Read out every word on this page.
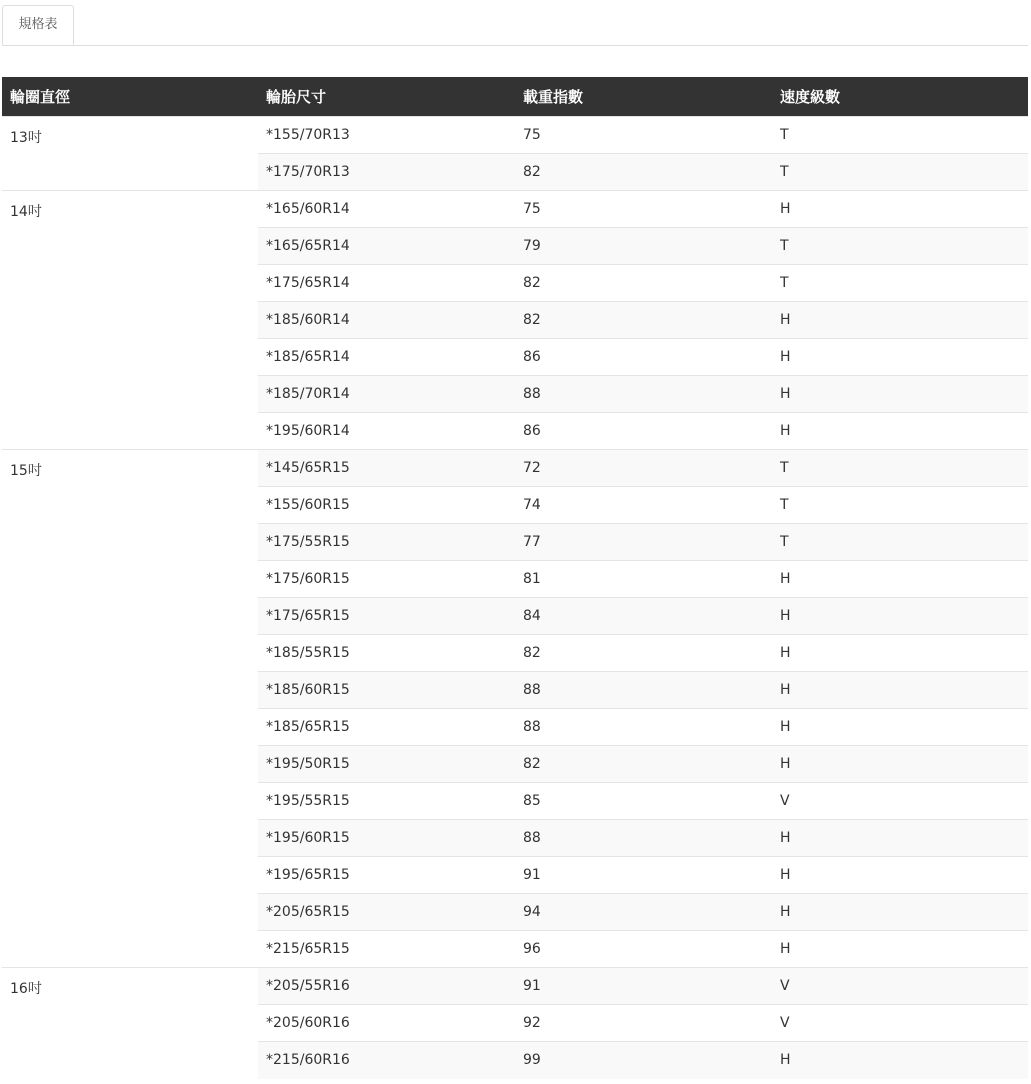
規格表
輪圈直徑	輪胎尺寸	載重指數	速度級數
13吋	*155/70R13	75	T
	*175/70R13	82	T
14吋	*165/60R14	75	H
	*165/65R14	79	T
	*175/65R14	82	T
	*185/60R14	82	H
	*185/65R14	86	H
	*185/70R14	88	H
	*195/60R14	86	H
15吋	*145/65R15	72	T
	*155/60R15	74	T
	*175/55R15	77	T
	*175/60R15	81	H
	*175/65R15	84	H
	*185/55R15	82	H
	*185/60R15	88	H
	*185/65R15	88	H
	*195/50R15	82	H
	*195/55R15	85	V
	*195/60R15	88	H
	*195/65R15	91	H
	*205/65R15	94	H
	*215/65R15	96	H
16吋	*205/55R16	91	V
	*205/60R16	92	V
	*215/60R16	99	H
